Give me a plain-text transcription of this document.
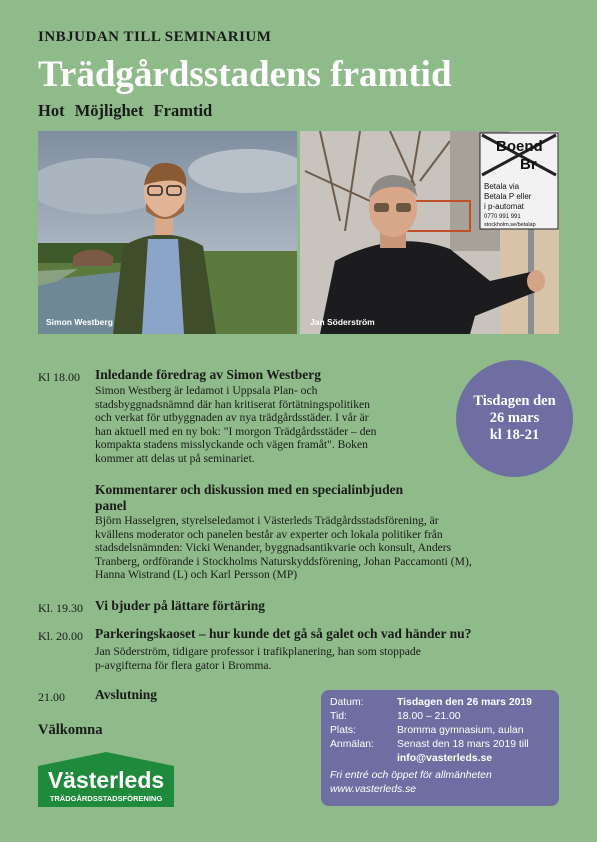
INBJUDAN TILL SEMINARIUM
Trädgårdsstadens framtid
Hot Möjlighet Framtid
Simon Westberg
Boend
Br
Betala via
Betala P eller
i p-automat
0770 991 991
stockholm.se/betalap
Jan Söderström
Tisdagen den
26 mars
kl 18-21
Kl 18.00 Inledande föredrag av Simon Westberg
Simon Westberg är ledamot i Uppsala Plan- och
stadsbyggnadsnämnd där han kritiserat förtätningspolitiken
och verkat för utbyggnaden av nya trädgårdsstäder. I vår är
han aktuell med en ny bok: "I morgon Trädgårdsstäder – den
kompakta stadens misslyckande och vägen framåt". Boken
kommer att delas ut på seminariet.
Kommentarer och diskussion med en specialinbjuden
panel
Björn Hasselgren, styrelseledamot i Västerleds Trädgårdsstadsförening, är
kvällens moderator och panelen består av experter och lokala politiker från
stadsdelsnämnden: Vicki Wenander, byggnadsantikvarie och konsult, Anders
Tranberg, ordförande i Stockholms Naturskyddsförening, Johan Paccamonti (M),
Hanna Wistrand (L) och Karl Persson (MP)
Kl. 19.30 Vi bjuder på lättare förtäring
Kl. 20.00 Parkeringskaoset – hur kunde det gå så galet och vad händer nu?
Jan Söderström, tidigare professor i trafikplanering, han som stoppade
p-avgifterna för flera gator i Bromma.
21.00 Avslutning
Välkomna
Västerleds
TRÄDGÅRDSSTADSFÖRENING
Datum:	Tisdagen den 26 mars 2019
Tid:	18.00 – 21.00
Plats:	Bromma gymnasium, aulan
Anmälan:	Senast den 18 mars 2019 till
info@vasterleds.se
Fri entré och öppet för allmänheten
www.vasterleds.se
